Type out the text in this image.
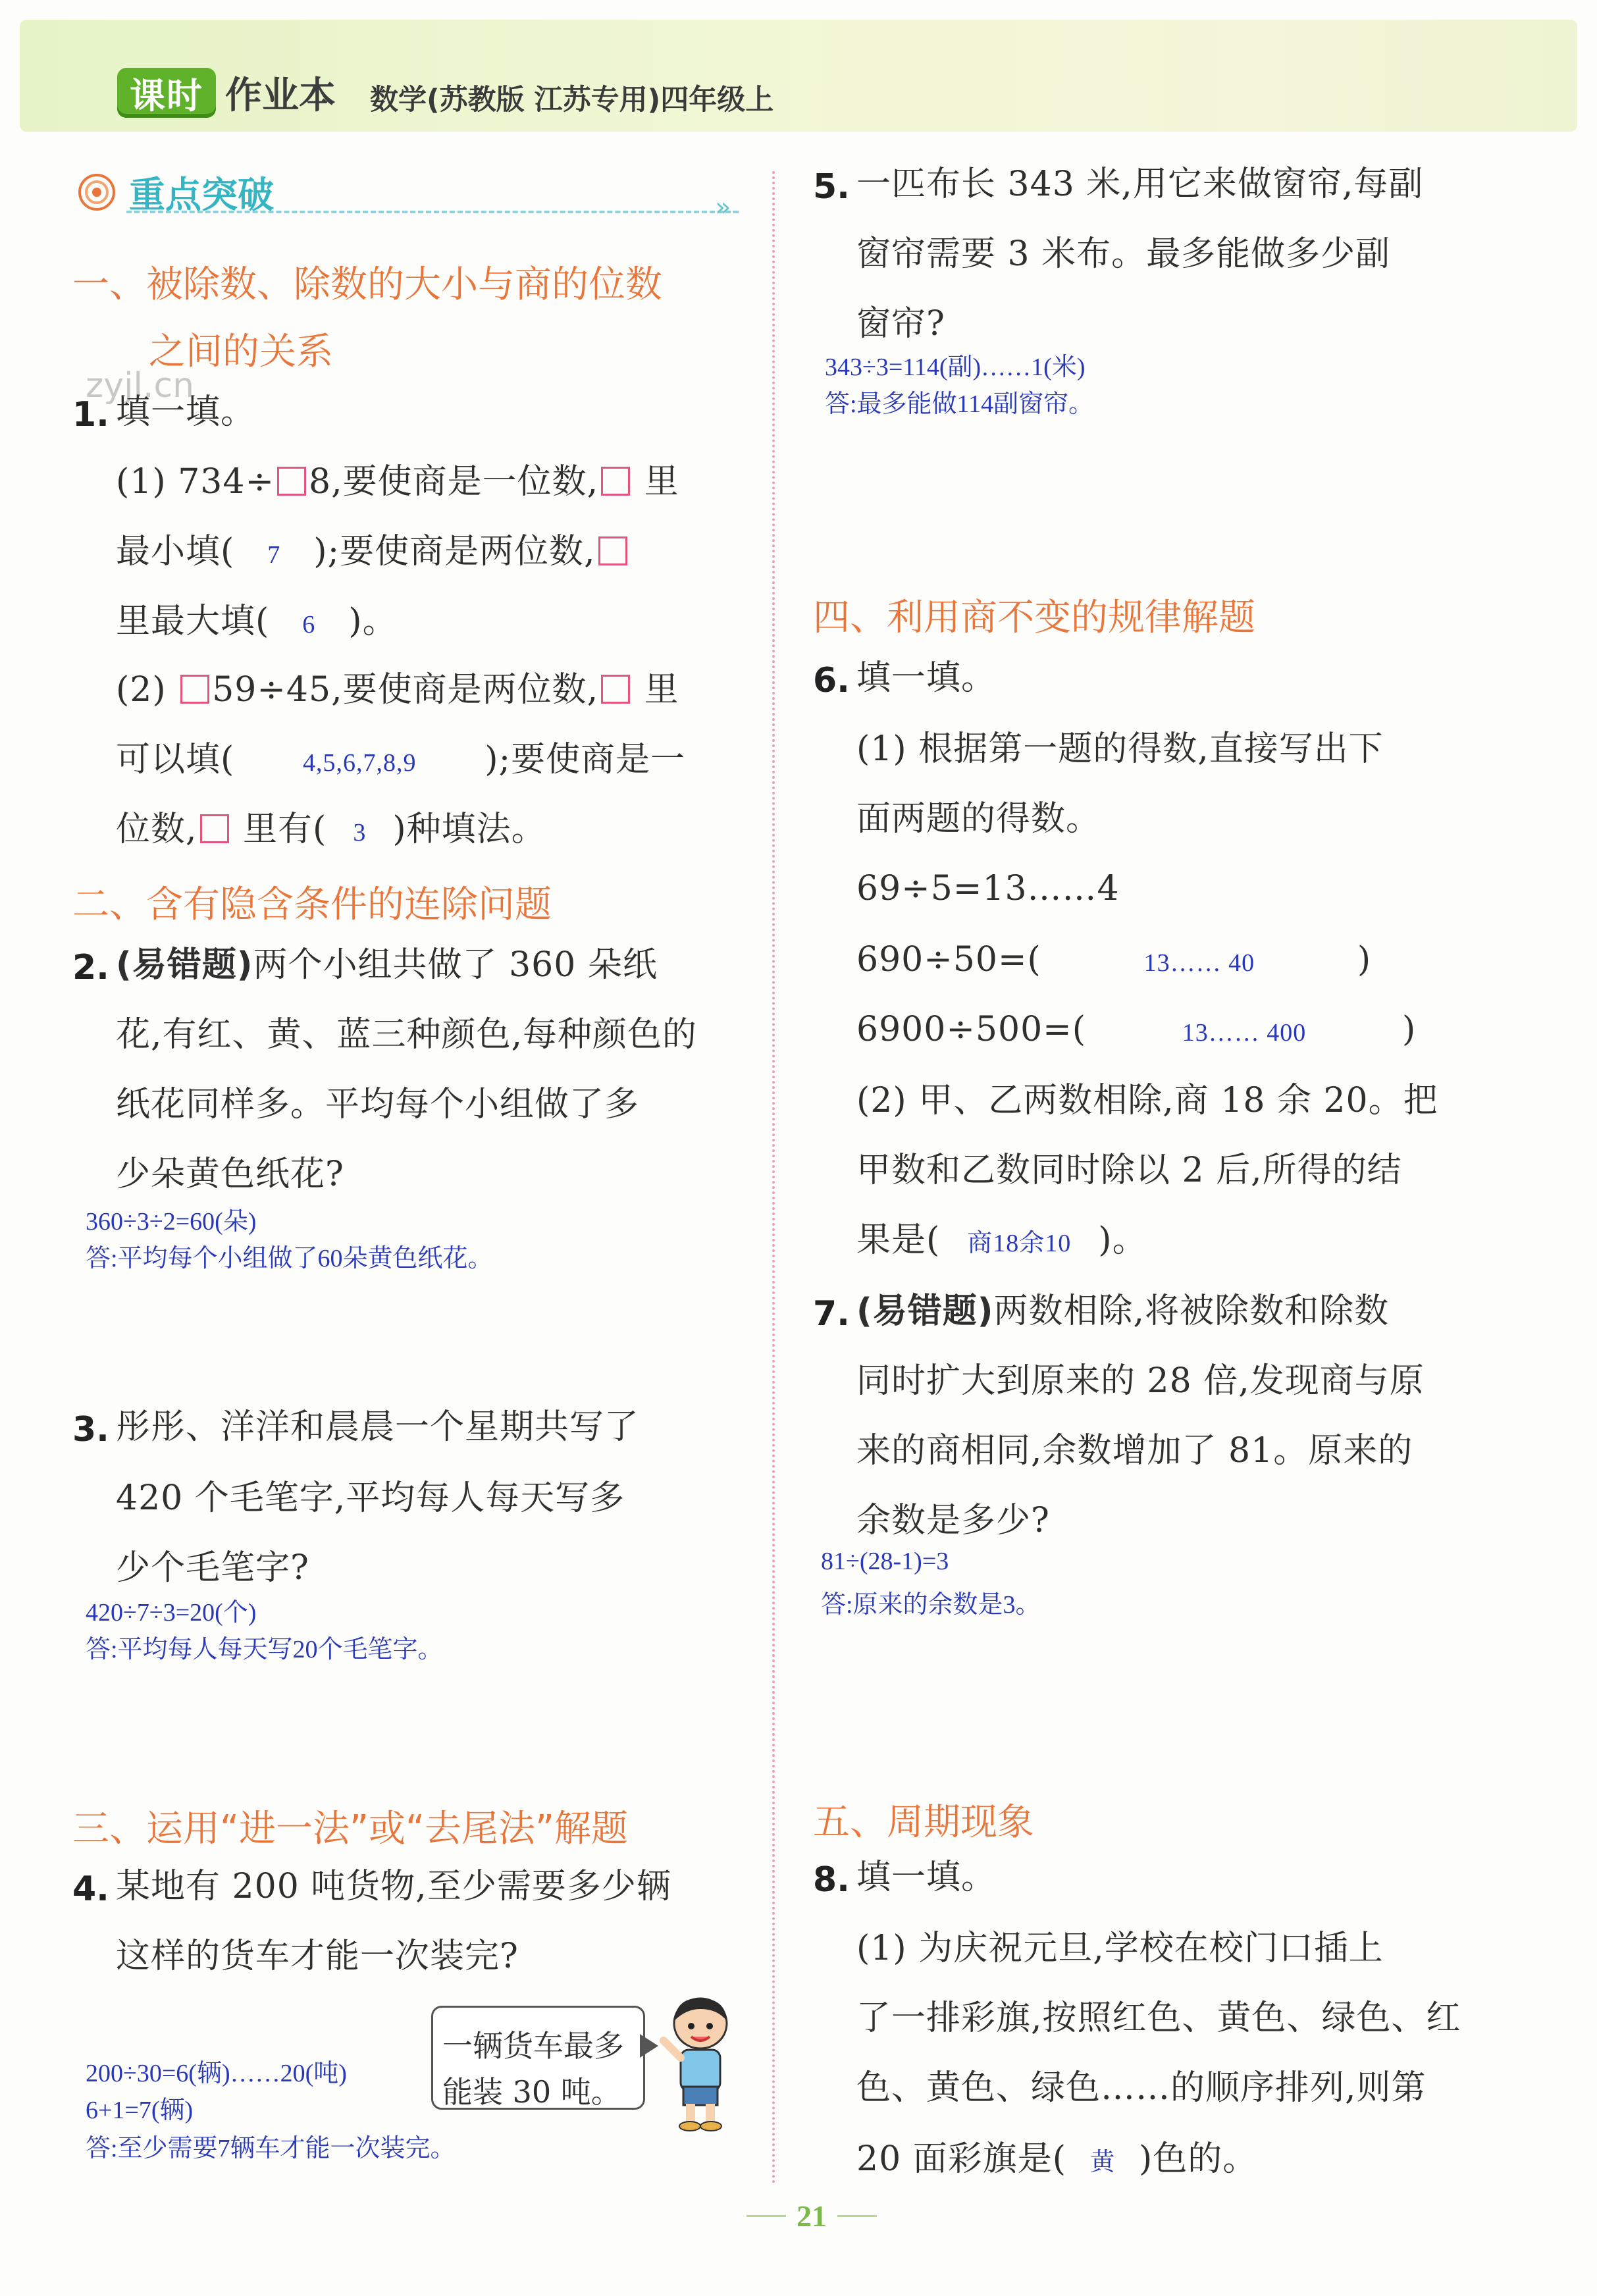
课时 作业本 数学(苏教版 江苏专用)四年级上
重点突破	»
一、被除数、除数的大小与商的位数
之间的关系
zyjl.cn
1. 填一填。
(1) 734÷ 8,要使商是一位数, 里
最小填( 7 );要使商是两位数,
里最大填( 6 )。
(2) 59÷45,要使商是两位数, 里
可以填(	4,5,6,7,8,9 );要使商是一
位数, 里有( 3 )种填法。
二、含有隐含条件的连除问题
2. (易错题)两个小组共做了 360 朵纸
花,有红、黄、蓝三种颜色,每种颜色的
纸花同样多。平均每个小组做了多
少朵黄色纸花?
360÷3÷2=60(朵)
答:平均每个小组做了60朵黄色纸花。
3. 彤彤、洋洋和晨晨一个星期共写了
420 个毛笔字,平均每人每天写多
少个毛笔字?
420÷7÷3=20(个)
答:平均每人每天写20个毛笔字。
三、运用“进一法”或“去尾法”解题
4. 某地有 200 吨货物,至少需要多少辆
这样的货车才能一次装完?
一辆货车最多
能装 30 吨。
200÷30=6(辆)……20(吨)
6+1=7(辆)
答:至少需要7辆车才能一次装完。
5. 一匹布长 343 米,用它来做窗帘,每副
窗帘需要 3 米布。最多能做多少副
窗帘?
343÷3=114(副)……1(米)
答:最多能做114副窗帘。
四、利用商不变的规律解题
6. 填一填。
(1) 根据第一题的得数,直接写出下
面两题的得数。
69÷5=13……4
690÷50=(	13…… 40	)
6900÷500=(	13…… 400	)
(2) 甲、乙两数相除,商 18 余 20。把
甲数和乙数同时除以 2 后,所得的结
果是( 商18余10 )。
7. (易错题)两数相除,将被除数和除数
同时扩大到原来的 28 倍,发现商与原
来的商相同,余数增加了 81。原来的
余数是多少?
81÷(28-1)=3
答:原来的余数是3。
五、周期现象
8. 填一填。
(1) 为庆祝元旦,学校在校门口插上
了一排彩旗,按照红色、黄色、绿色、红
色、黄色、绿色……的顺序排列,则第
20 面彩旗是( 黄 )色的。
21
